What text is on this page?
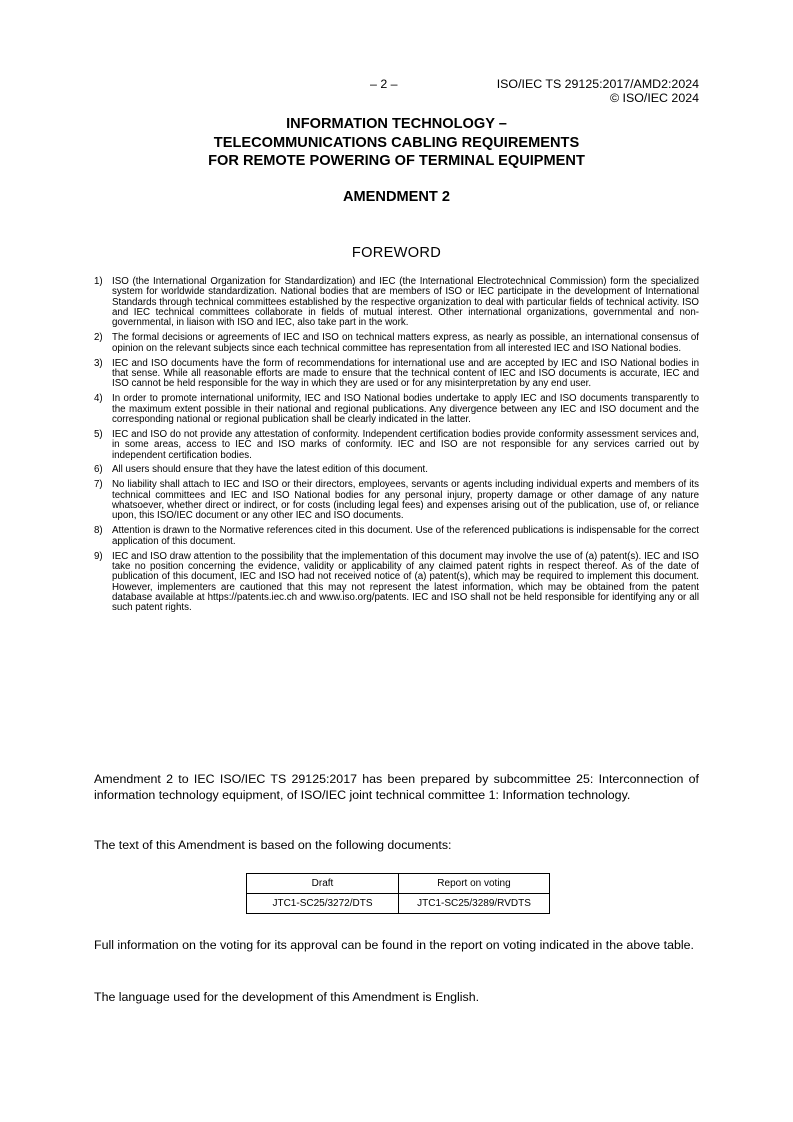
– 2 –	ISO/IEC TS 29125:2017/AMD2:2024
© ISO/IEC 2024
INFORMATION TECHNOLOGY –
TELECOMMUNICATIONS CABLING REQUIREMENTS
FOR REMOTE POWERING OF TERMINAL EQUIPMENT
AMENDMENT 2
FOREWORD
1) ISO (the International Organization for Standardization) and IEC (the International Electrotechnical Commission) form the specialized system for worldwide standardization. National bodies that are members of ISO or IEC participate in the development of International Standards through technical committees established by the respective organization to deal with particular fields of technical activity. ISO and IEC technical committees collaborate in fields of mutual interest. Other international organizations, governmental and non-governmental, in liaison with ISO and IEC, also take part in the work.
2) The formal decisions or agreements of IEC and ISO on technical matters express, as nearly as possible, an international consensus of opinion on the relevant subjects since each technical committee has representation from all interested IEC and ISO National bodies.
3) IEC and ISO documents have the form of recommendations for international use and are accepted by IEC and ISO National bodies in that sense. While all reasonable efforts are made to ensure that the technical content of IEC and ISO documents is accurate, IEC and ISO cannot be held responsible for the way in which they are used or for any misinterpretation by any end user.
4) In order to promote international uniformity, IEC and ISO National bodies undertake to apply IEC and ISO documents transparently to the maximum extent possible in their national and regional publications. Any divergence between any IEC and ISO document and the corresponding national or regional publication shall be clearly indicated in the latter.
5) IEC and ISO do not provide any attestation of conformity. Independent certification bodies provide conformity assessment services and, in some areas, access to IEC and ISO marks of conformity. IEC and ISO are not responsible for any services carried out by independent certification bodies.
6) All users should ensure that they have the latest edition of this document.
7) No liability shall attach to IEC and ISO or their directors, employees, servants or agents including individual experts and members of its technical committees and IEC and ISO National bodies for any personal injury, property damage or other damage of any nature whatsoever, whether direct or indirect, or for costs (including legal fees) and expenses arising out of the publication, use of, or reliance upon, this ISO/IEC document or any other IEC and ISO documents.
8) Attention is drawn to the Normative references cited in this document. Use of the referenced publications is indispensable for the correct application of this document.
9) IEC and ISO draw attention to the possibility that the implementation of this document may involve the use of (a) patent(s). IEC and ISO take no position concerning the evidence, validity or applicability of any claimed patent rights in respect thereof. As of the date of publication of this document, IEC and ISO had not received notice of (a) patent(s), which may be required to implement this document. However, implementers are cautioned that this may not represent the latest information, which may be obtained from the patent database available at https://patents.iec.ch and www.iso.org/patents. IEC and ISO shall not be held responsible for identifying any or all such patent rights.

Amendment 2 to IEC ISO/IEC TS 29125:2017 has been prepared by subcommittee 25: Interconnection of information technology equipment, of ISO/IEC joint technical committee 1: Information technology.

The text of this Amendment is based on the following documents:

Draft	Report on voting
JTC1-SC25/3272/DTS	JTC1-SC25/3289/RVDTS

Full information on the voting for its approval can be found in the report on voting indicated in the above table.

The language used for the development of this Amendment is English.
